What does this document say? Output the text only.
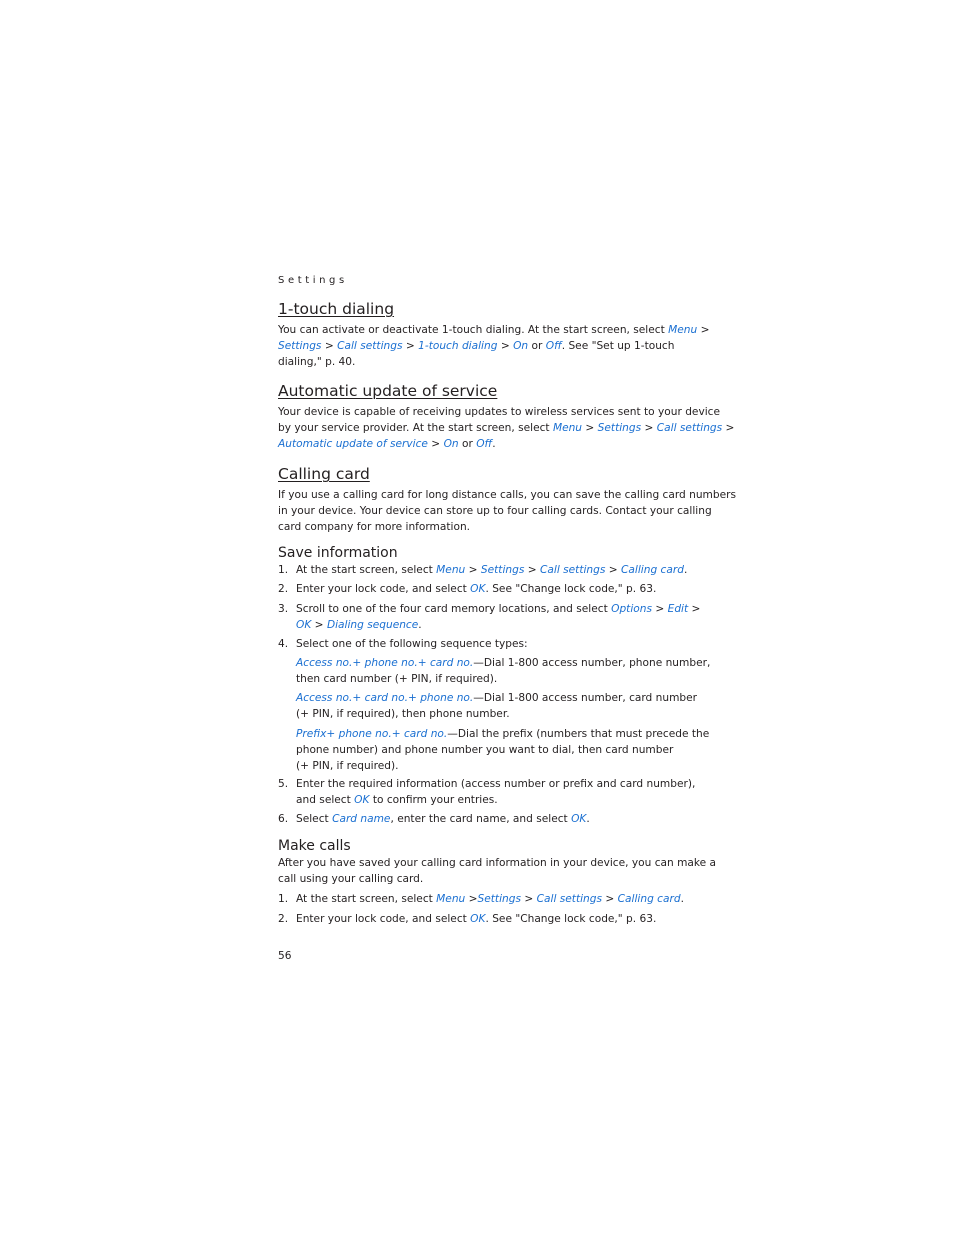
Settings
1-touch dialing
You can activate or deactivate 1-touch dialing. At the start screen, select Menu >
Settings > Call settings > 1-touch dialing > On or Off. See "Set up 1-touch
dialing," p. 40.
Automatic update of service
Your device is capable of receiving updates to wireless services sent to your device
by your service provider. At the start screen, select Menu > Settings > Call settings >
Automatic update of service > On or Off.
Calling card
If you use a calling card for long distance calls, you can save the calling card numbers
in your device. Your device can store up to four calling cards. Contact your calling
card company for more information.
Save information
1. At the start screen, select Menu > Settings > Call settings > Calling card.
2. Enter your lock code, and select OK. See "Change lock code," p. 63.
3. Scroll to one of the four card memory locations, and select Options > Edit >
OK > Dialing sequence.
4. Select one of the following sequence types:
Access no.+ phone no.+ card no.—Dial 1-800 access number, phone number,
then card number (+ PIN, if required).
Access no.+ card no.+ phone no.—Dial 1-800 access number, card number
(+ PIN, if required), then phone number.
Prefix+ phone no.+ card no.—Dial the prefix (numbers that must precede the
phone number) and phone number you want to dial, then card number
(+ PIN, if required).
5. Enter the required information (access number or prefix and card number),
and select OK to confirm your entries.
6. Select Card name, enter the card name, and select OK.
Make calls
After you have saved your calling card information in your device, you can make a
call using your calling card.
1. At the start screen, select Menu >Settings > Call settings > Calling card.
2. Enter your lock code, and select OK. See "Change lock code," p. 63.
56
